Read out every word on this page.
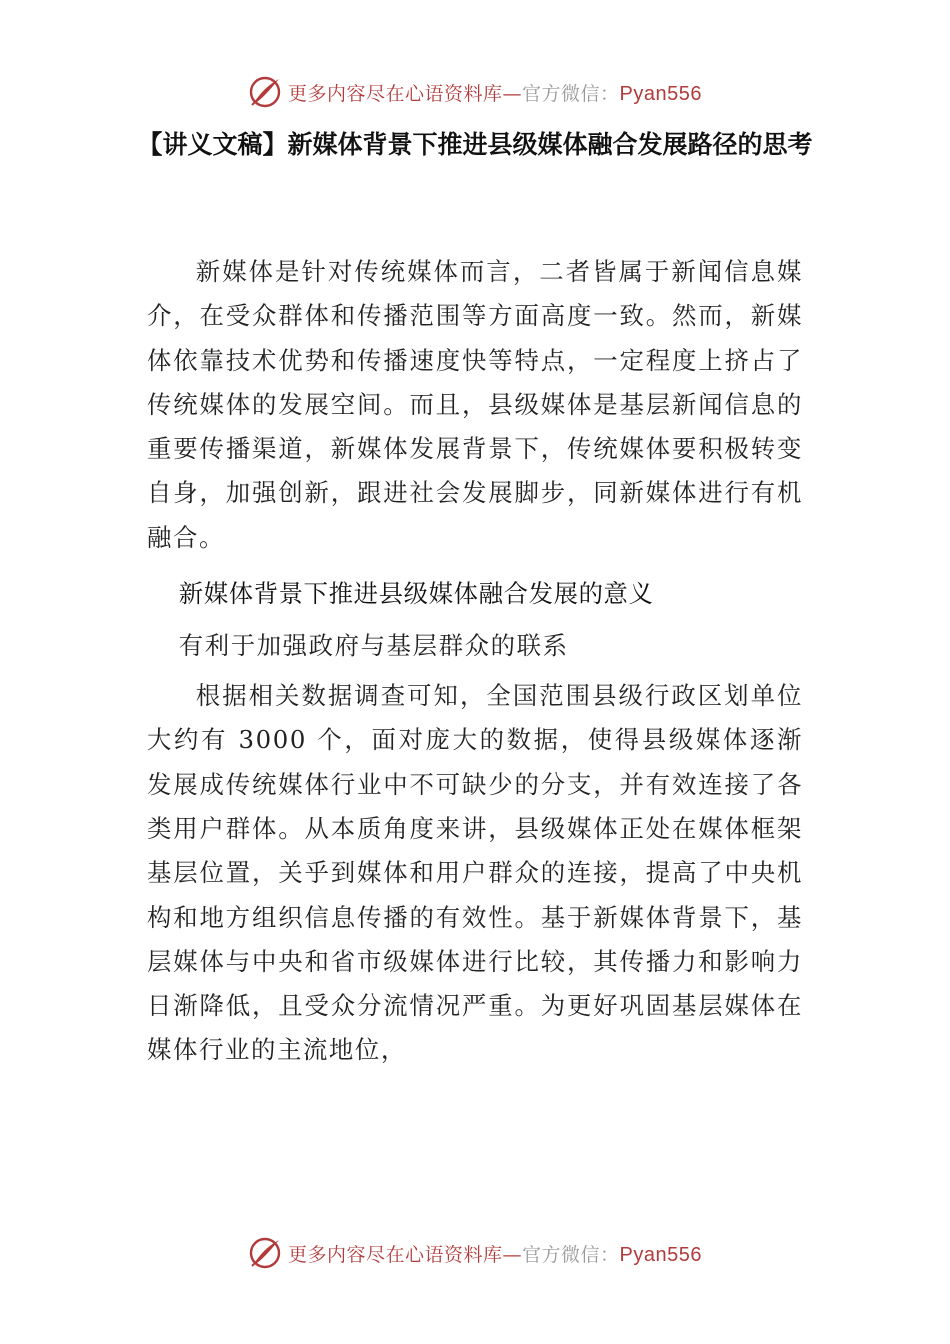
更多内容尽在心语资料库—官方微信：Pyan556
【讲义文稿】新媒体背景下推进县级媒体融合发展路径的思考

新媒体是针对传统媒体而言，二者皆属于新闻信息媒介，在受众群体和传播范围等方面高度一致。然而，新媒体依靠技术优势和传播速度快等特点，一定程度上挤占了传统媒体的发展空间。而且，县级媒体是基层新闻信息的重要传播渠道，新媒体发展背景下，传统媒体要积极转变自身，加强创新，跟进社会发展脚步，同新媒体进行有机融合。

新媒体背景下推进县级媒体融合发展的意义

有利于加强政府与基层群众的联系

根据相关数据调查可知，全国范围县级行政区划单位大约有 3000 个，面对庞大的数据，使得县级媒体逐渐发展成传统媒体行业中不可缺少的分支，并有效连接了各类用户群体。从本质角度来讲，县级媒体正处在媒体框架基层位置，关乎到媒体和用户群众的连接，提高了中央机构和地方组织信息传播的有效性。基于新媒体背景下，基层媒体与中央和省市级媒体进行比较，其传播力和影响力日渐降低，且受众分流情况严重。为更好巩固基层媒体在媒体行业的主流地位，

更多内容尽在心语资料库—官方微信：Pyan556
